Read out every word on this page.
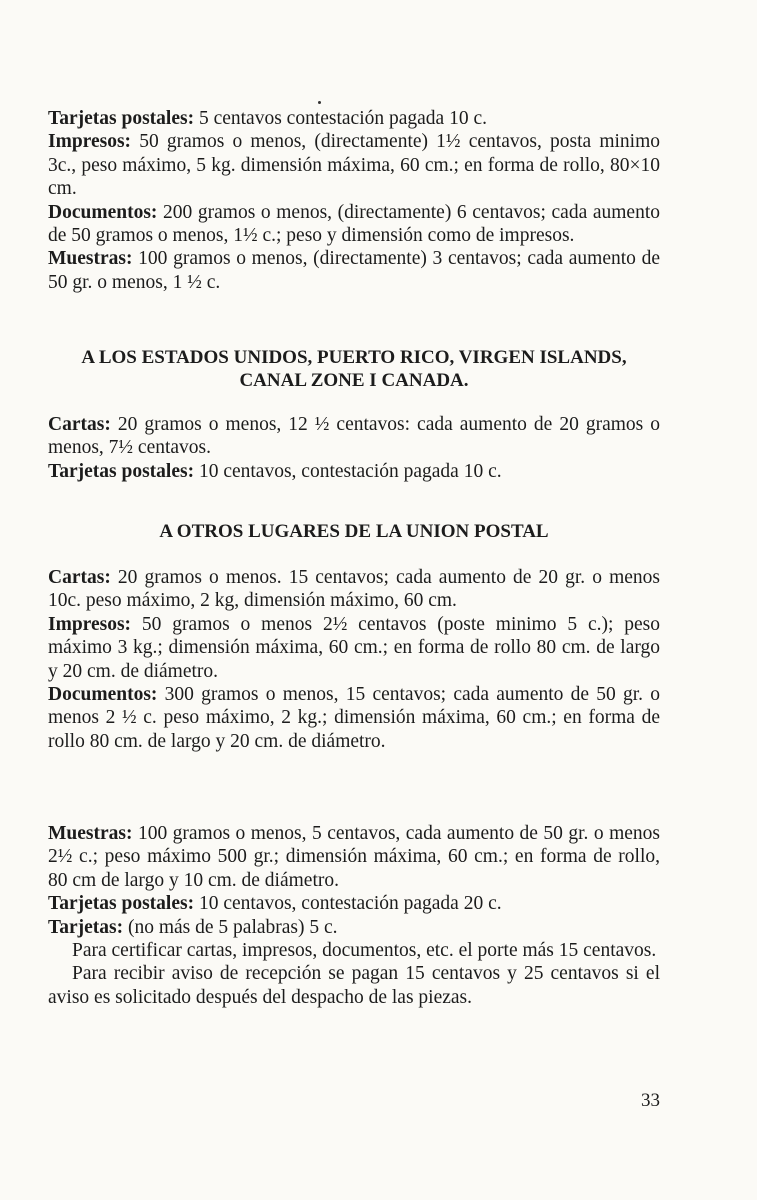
Tarjetas postales: 5 centavos contestación pagada 10 c.

Impresos: 50 gramos o menos, (directamente) 1½ centavos, posta minimo 3c., peso máximo, 5 kg. dimensión máxima, 60 cm.; en forma de rollo, 80×10 cm.

Documentos: 200 gramos o menos, (directamente) 6 centavos; cada aumento de 50 gramos o menos, 1½ c.; peso y dimensión como de impresos.

Muestras: 100 gramos o menos, (directamente) 3 centavos; cada aumento de 50 gr. o menos, 1 ½ c.

A LOS ESTADOS UNIDOS, PUERTO RICO, VIRGEN ISLANDS, CANAL ZONE I CANADA.

Cartas: 20 gramos o menos, 12 ½ centavos: cada aumento de 20 gramos o menos, 7½ centavos.

Tarjetas postales: 10 centavos, contestación pagada 10 c.

A OTROS LUGARES DE LA UNION POSTAL

Cartas: 20 gramos o menos. 15 centavos; cada aumento de 20 gr. o menos 10c. peso máximo, 2 kg, dimensión máximo, 60 cm.

Impresos: 50 gramos o menos 2½ centavos (poste minimo 5 c.); peso máximo 3 kg.; dimensión máxima, 60 cm.; en forma de rollo 80 cm. de largo y 20 cm. de diámetro.

Documentos: 300 gramos o menos, 15 centavos; cada aumento de 50 gr. o menos 2 ½ c. peso máximo, 2 kg.; dimensión máxima, 60 cm.; en forma de rollo 80 cm. de largo y 20 cm. de diámetro.

Muestras: 100 gramos o menos, 5 centavos, cada aumento de 50 gr. o menos 2½ c.; peso máximo 500 gr.; dimensión máxima, 60 cm.; en forma de rollo, 80 cm de largo y 10 cm. de diámetro.

Tarjetas postales: 10 centavos, contestación pagada 20 c.

Tarjetas: (no más de 5 palabras) 5 c.

Para certificar cartas, impresos, documentos, etc. el porte más 15 centavos.

Para recibir aviso de recepción se pagan 15 centavos y 25 centavos si el aviso es solicitado después del despacho de las piezas.

33
